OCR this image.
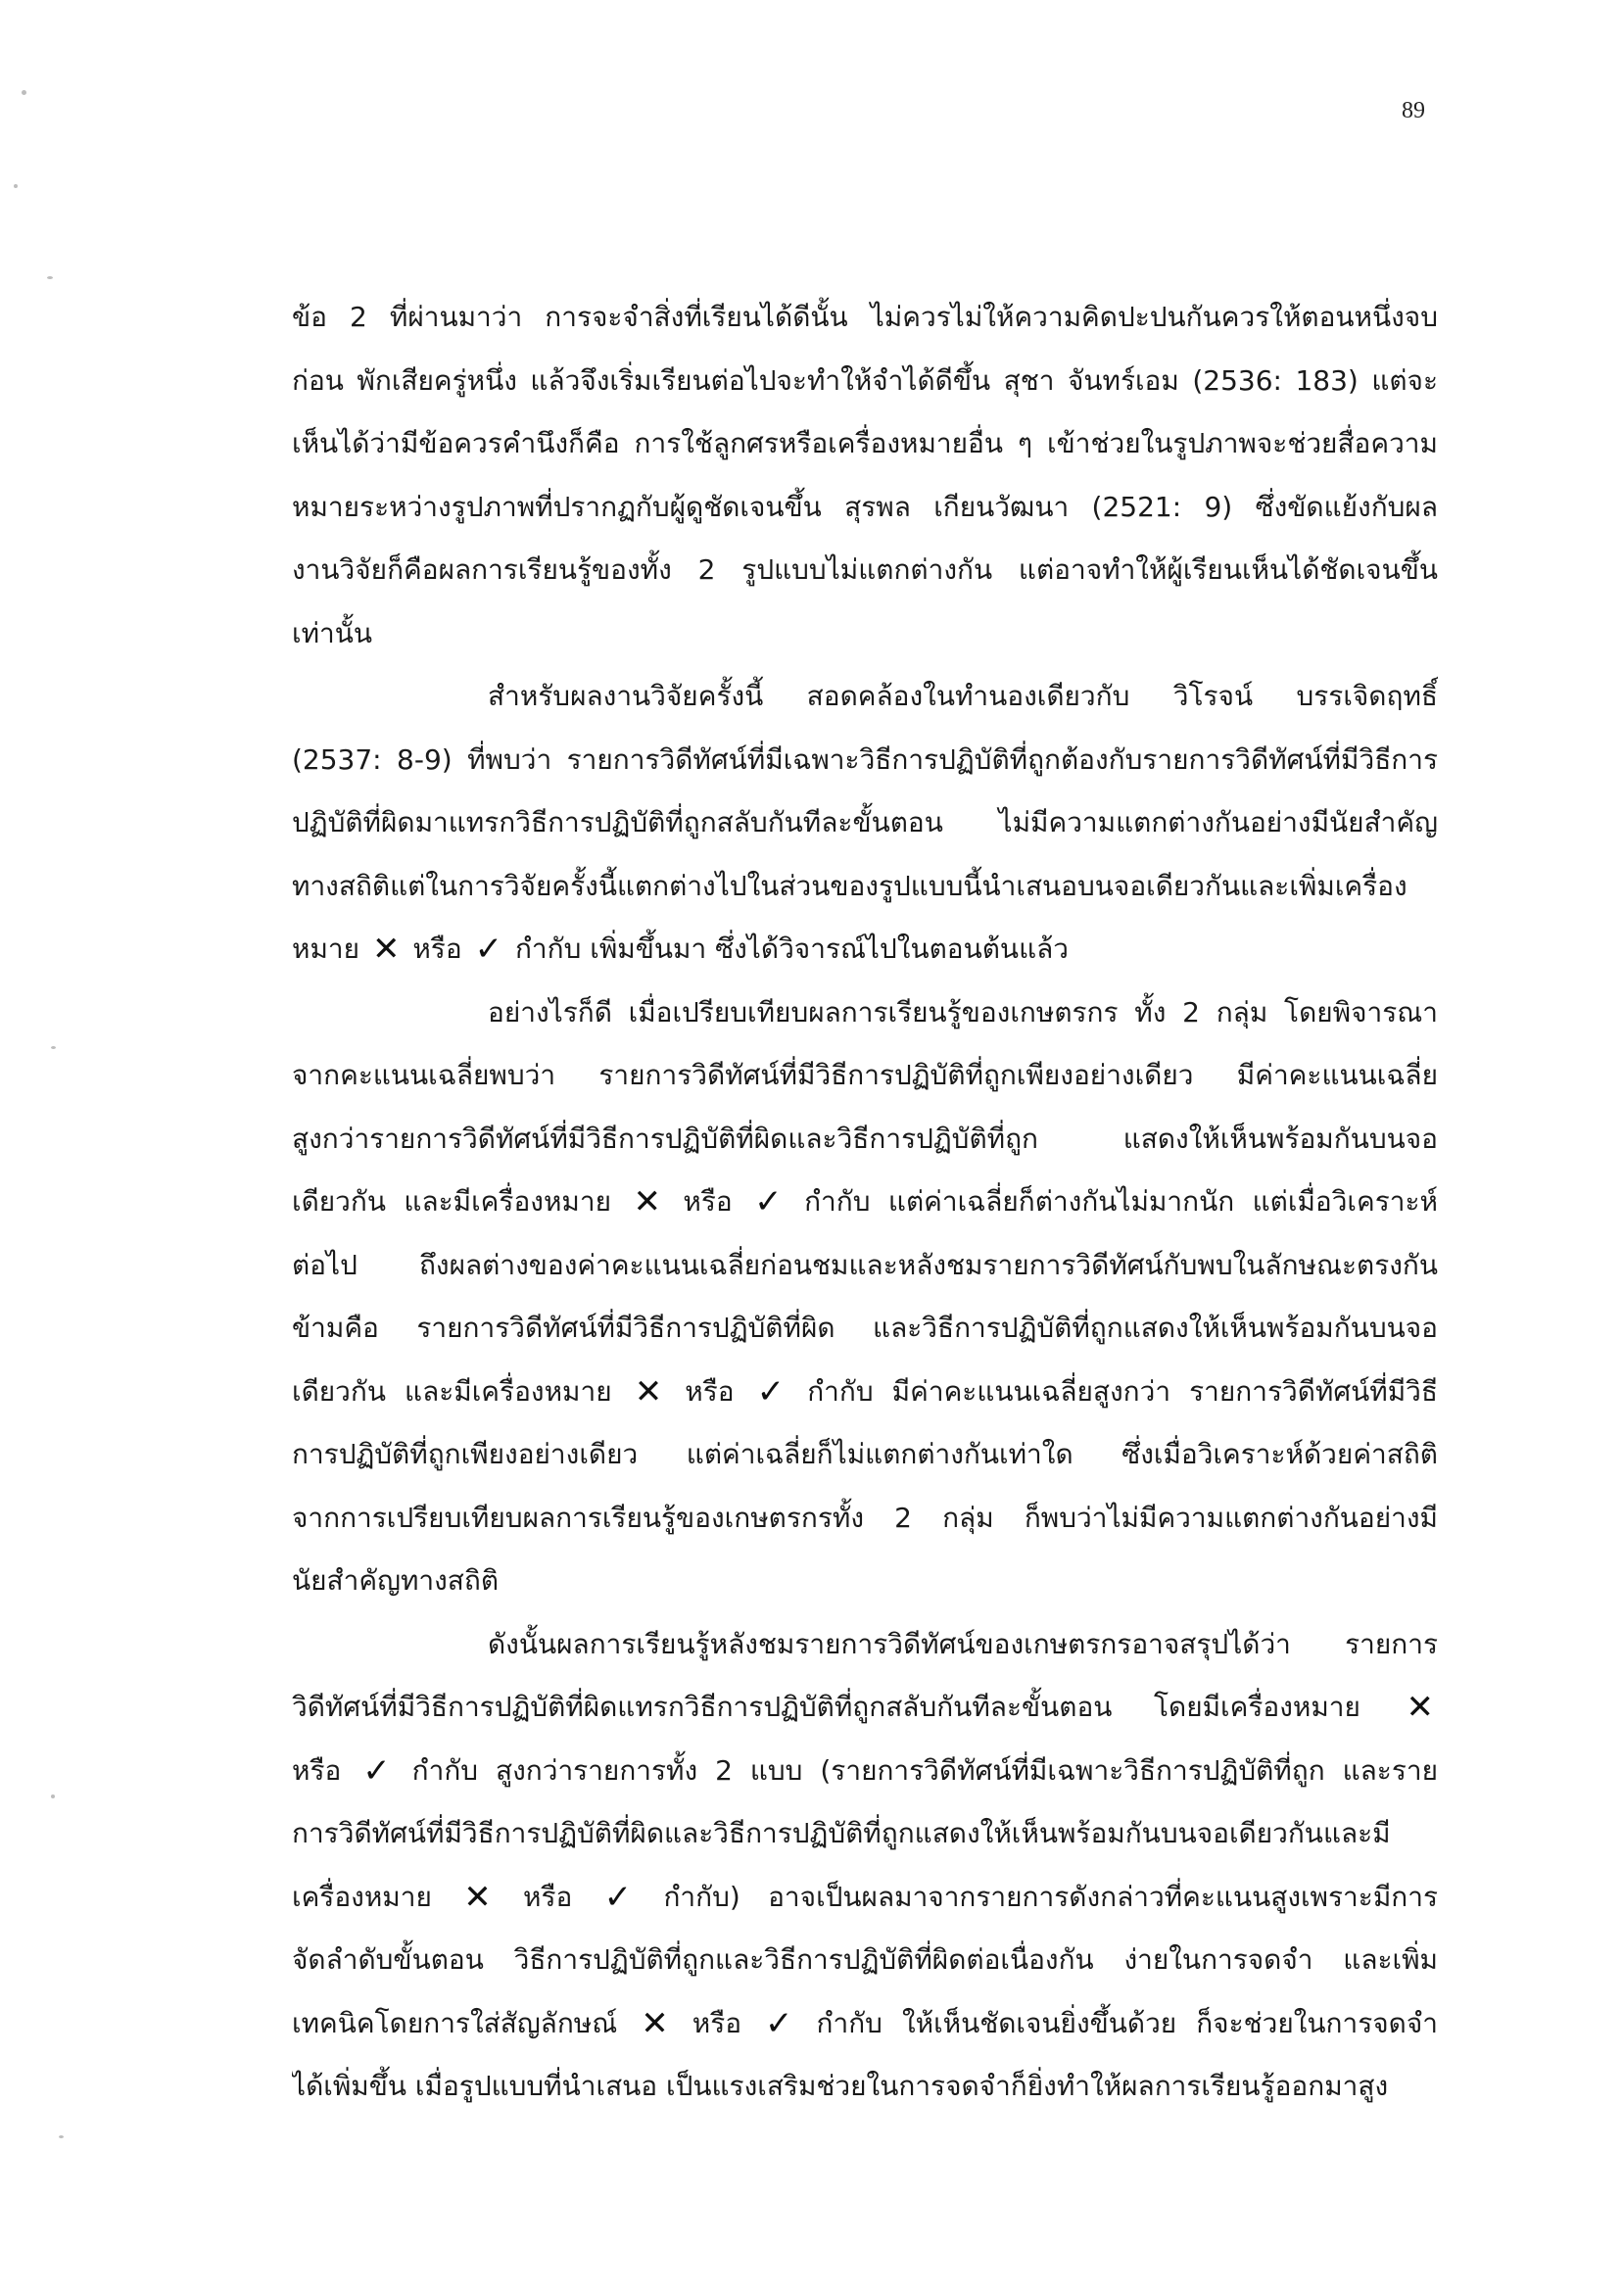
89
ข้อ 2 ที่ผ่านมาว่า การจะจำสิ่งที่เรียนได้ดีนั้น ไม่ควรไม่ให้ความคิดปะปนกันควรให้ตอนหนึ่งจบ
ก่อน พักเสียครู่หนึ่ง แล้วจึงเริ่มเรียนต่อไปจะทำให้จำได้ดีขึ้น สุชา จันทร์เอม (2536: 183) แต่จะ
เห็นได้ว่ามีข้อควรคำนึงก็คือ การใช้ลูกศรหรือเครื่องหมายอื่น ๆ เข้าช่วยในรูปภาพจะช่วยสื่อความ
หมายระหว่างรูปภาพที่ปรากฏกับผู้ดูชัดเจนขึ้น สุรพล เกียนวัฒนา (2521: 9) ซึ่งขัดแย้งกับผล
งานวิจัยก็คือผลการเรียนรู้ของทั้ง 2 รูปแบบไม่แตกต่างกัน แต่อาจทำให้ผู้เรียนเห็นได้ชัดเจนขึ้น
เท่านั้น
สำหรับผลงานวิจัยครั้งนี้ สอดคล้องในทำนองเดียวกับ วิโรจน์ บรรเจิดฤทธิ์
(2537: 8-9) ที่พบว่า รายการวิดีทัศน์ที่มีเฉพาะวิธีการปฏิบัติที่ถูกต้องกับรายการวิดีทัศน์ที่มีวิธีการ
ปฏิบัติที่ผิดมาแทรกวิธีการปฏิบัติที่ถูกสลับกันทีละขั้นตอน ไม่มีความแตกต่างกันอย่างมีนัยสำคัญ
ทางสถิติแต่ในการวิจัยครั้งนี้แตกต่างไปในส่วนของรูปแบบนี้นำเสนอบนจอเดียวกันและเพิ่มเครื่อง
หมาย ✕ หรือ ✓ กำกับ เพิ่มขึ้นมา ซึ่งได้วิจารณ์ไปในตอนต้นแล้ว
อย่างไรก็ดี เมื่อเปรียบเทียบผลการเรียนรู้ของเกษตรกร ทั้ง 2 กลุ่ม โดยพิจารณา
จากคะแนนเฉลี่ยพบว่า รายการวิดีทัศน์ที่มีวิธีการปฏิบัติที่ถูกเพียงอย่างเดียว มีค่าคะแนนเฉลี่ย
สูงกว่ารายการวิดีทัศน์ที่มีวิธีการปฏิบัติที่ผิดและวิธีการปฏิบัติที่ถูก แสดงให้เห็นพร้อมกันบนจอ
เดียวกัน และมีเครื่องหมาย ✕ หรือ ✓ กำกับ แต่ค่าเฉลี่ยก็ต่างกันไม่มากนัก แต่เมื่อวิเคราะห์
ต่อไป ถึงผลต่างของค่าคะแนนเฉลี่ยก่อนชมและหลังชมรายการวิดีทัศน์กับพบในลักษณะตรงกัน
ข้ามคือ รายการวิดีทัศน์ที่มีวิธีการปฏิบัติที่ผิด และวิธีการปฏิบัติที่ถูกแสดงให้เห็นพร้อมกันบนจอ
เดียวกัน และมีเครื่องหมาย ✕ หรือ ✓ กำกับ มีค่าคะแนนเฉลี่ยสูงกว่า รายการวิดีทัศน์ที่มีวิธี
การปฏิบัติที่ถูกเพียงอย่างเดียว แต่ค่าเฉลี่ยก็ไม่แตกต่างกันเท่าใด ซึ่งเมื่อวิเคราะห์ด้วยค่าสถิติ
จากการเปรียบเทียบผลการเรียนรู้ของเกษตรกรทั้ง 2 กลุ่ม ก็พบว่าไม่มีความแตกต่างกันอย่างมี
นัยสำคัญทางสถิติ
ดังนั้นผลการเรียนรู้หลังชมรายการวิดีทัศน์ของเกษตรกรอาจสรุปได้ว่า รายการ
วิดีทัศน์ที่มีวิธีการปฏิบัติที่ผิดแทรกวิธีการปฏิบัติที่ถูกสลับกันทีละขั้นตอน โดยมีเครื่องหมาย ✕
หรือ ✓ กำกับ สูงกว่ารายการทั้ง 2 แบบ (รายการวิดีทัศน์ที่มีเฉพาะวิธีการปฏิบัติที่ถูก และราย
การวิดีทัศน์ที่มีวิธีการปฏิบัติที่ผิดและวิธีการปฏิบัติที่ถูกแสดงให้เห็นพร้อมกันบนจอเดียวกันและมี
เครื่องหมาย ✕ หรือ ✓ กำกับ) อาจเป็นผลมาจากรายการดังกล่าวที่คะแนนสูงเพราะมีการ
จัดลำดับขั้นตอน วิธีการปฏิบัติที่ถูกและวิธีการปฏิบัติที่ผิดต่อเนื่องกัน ง่ายในการจดจำ และเพิ่ม
เทคนิคโดยการใส่สัญลักษณ์ ✕ หรือ ✓ กำกับ ให้เห็นชัดเจนยิ่งขึ้นด้วย ก็จะช่วยในการจดจำ
ได้เพิ่มขึ้น เมื่อรูปแบบที่นำเสนอ เป็นแรงเสริมช่วยในการจดจำก็ยิ่งทำให้ผลการเรียนรู้ออกมาสูง
